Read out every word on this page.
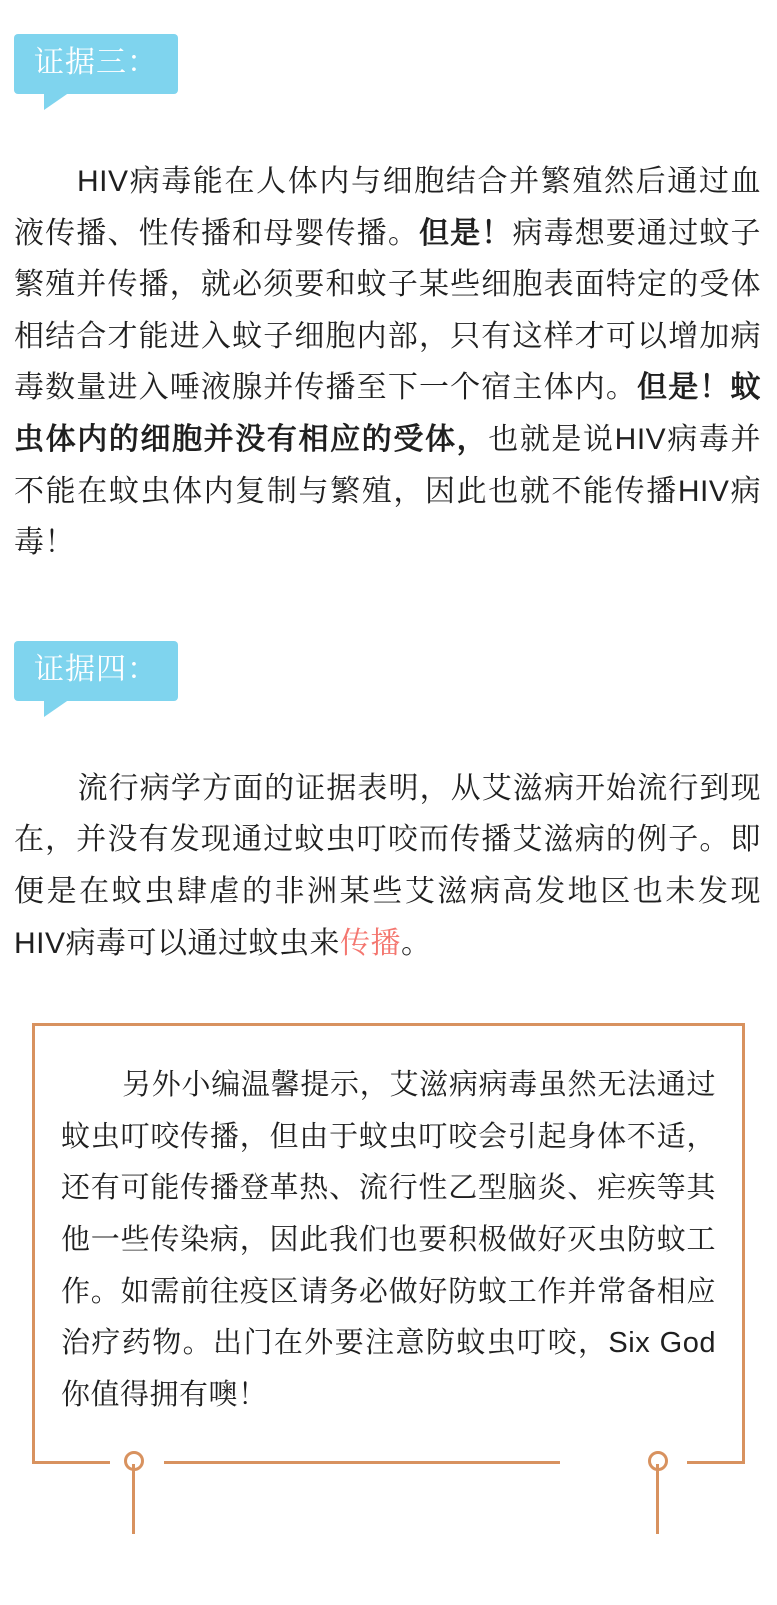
证据三：

HIV病毒能在人体内与细胞结合并繁殖然后通过血液传播、性传播和母婴传播。但是！病毒想要通过蚊子繁殖并传播，就必须要和蚊子某些细胞表面特定的受体相结合才能进入蚊子细胞内部，只有这样才可以增加病毒数量进入唾液腺并传播至下一个宿主体内。但是！蚊虫体内的细胞并没有相应的受体，也就是说HIV病毒并不能在蚊虫体内复制与繁殖，因此也就不能传播HIV病毒！

证据四：

流行病学方面的证据表明，从艾滋病开始流行到现在，并没有发现通过蚊虫叮咬而传播艾滋病的例子。即便是在蚊虫肆虐的非洲某些艾滋病高发地区也未发现HIV病毒可以通过蚊虫来传播。

另外小编温馨提示，艾滋病病毒虽然无法通过蚊虫叮咬传播，但由于蚊虫叮咬会引起身体不适，还有可能传播登革热、流行性乙型脑炎、疟疾等其他一些传染病，因此我们也要积极做好灭虫防蚊工作。如需前往疫区请务必做好防蚊工作并常备相应治疗药物。出门在外要注意防蚊虫叮咬，Six God你值得拥有噢！
